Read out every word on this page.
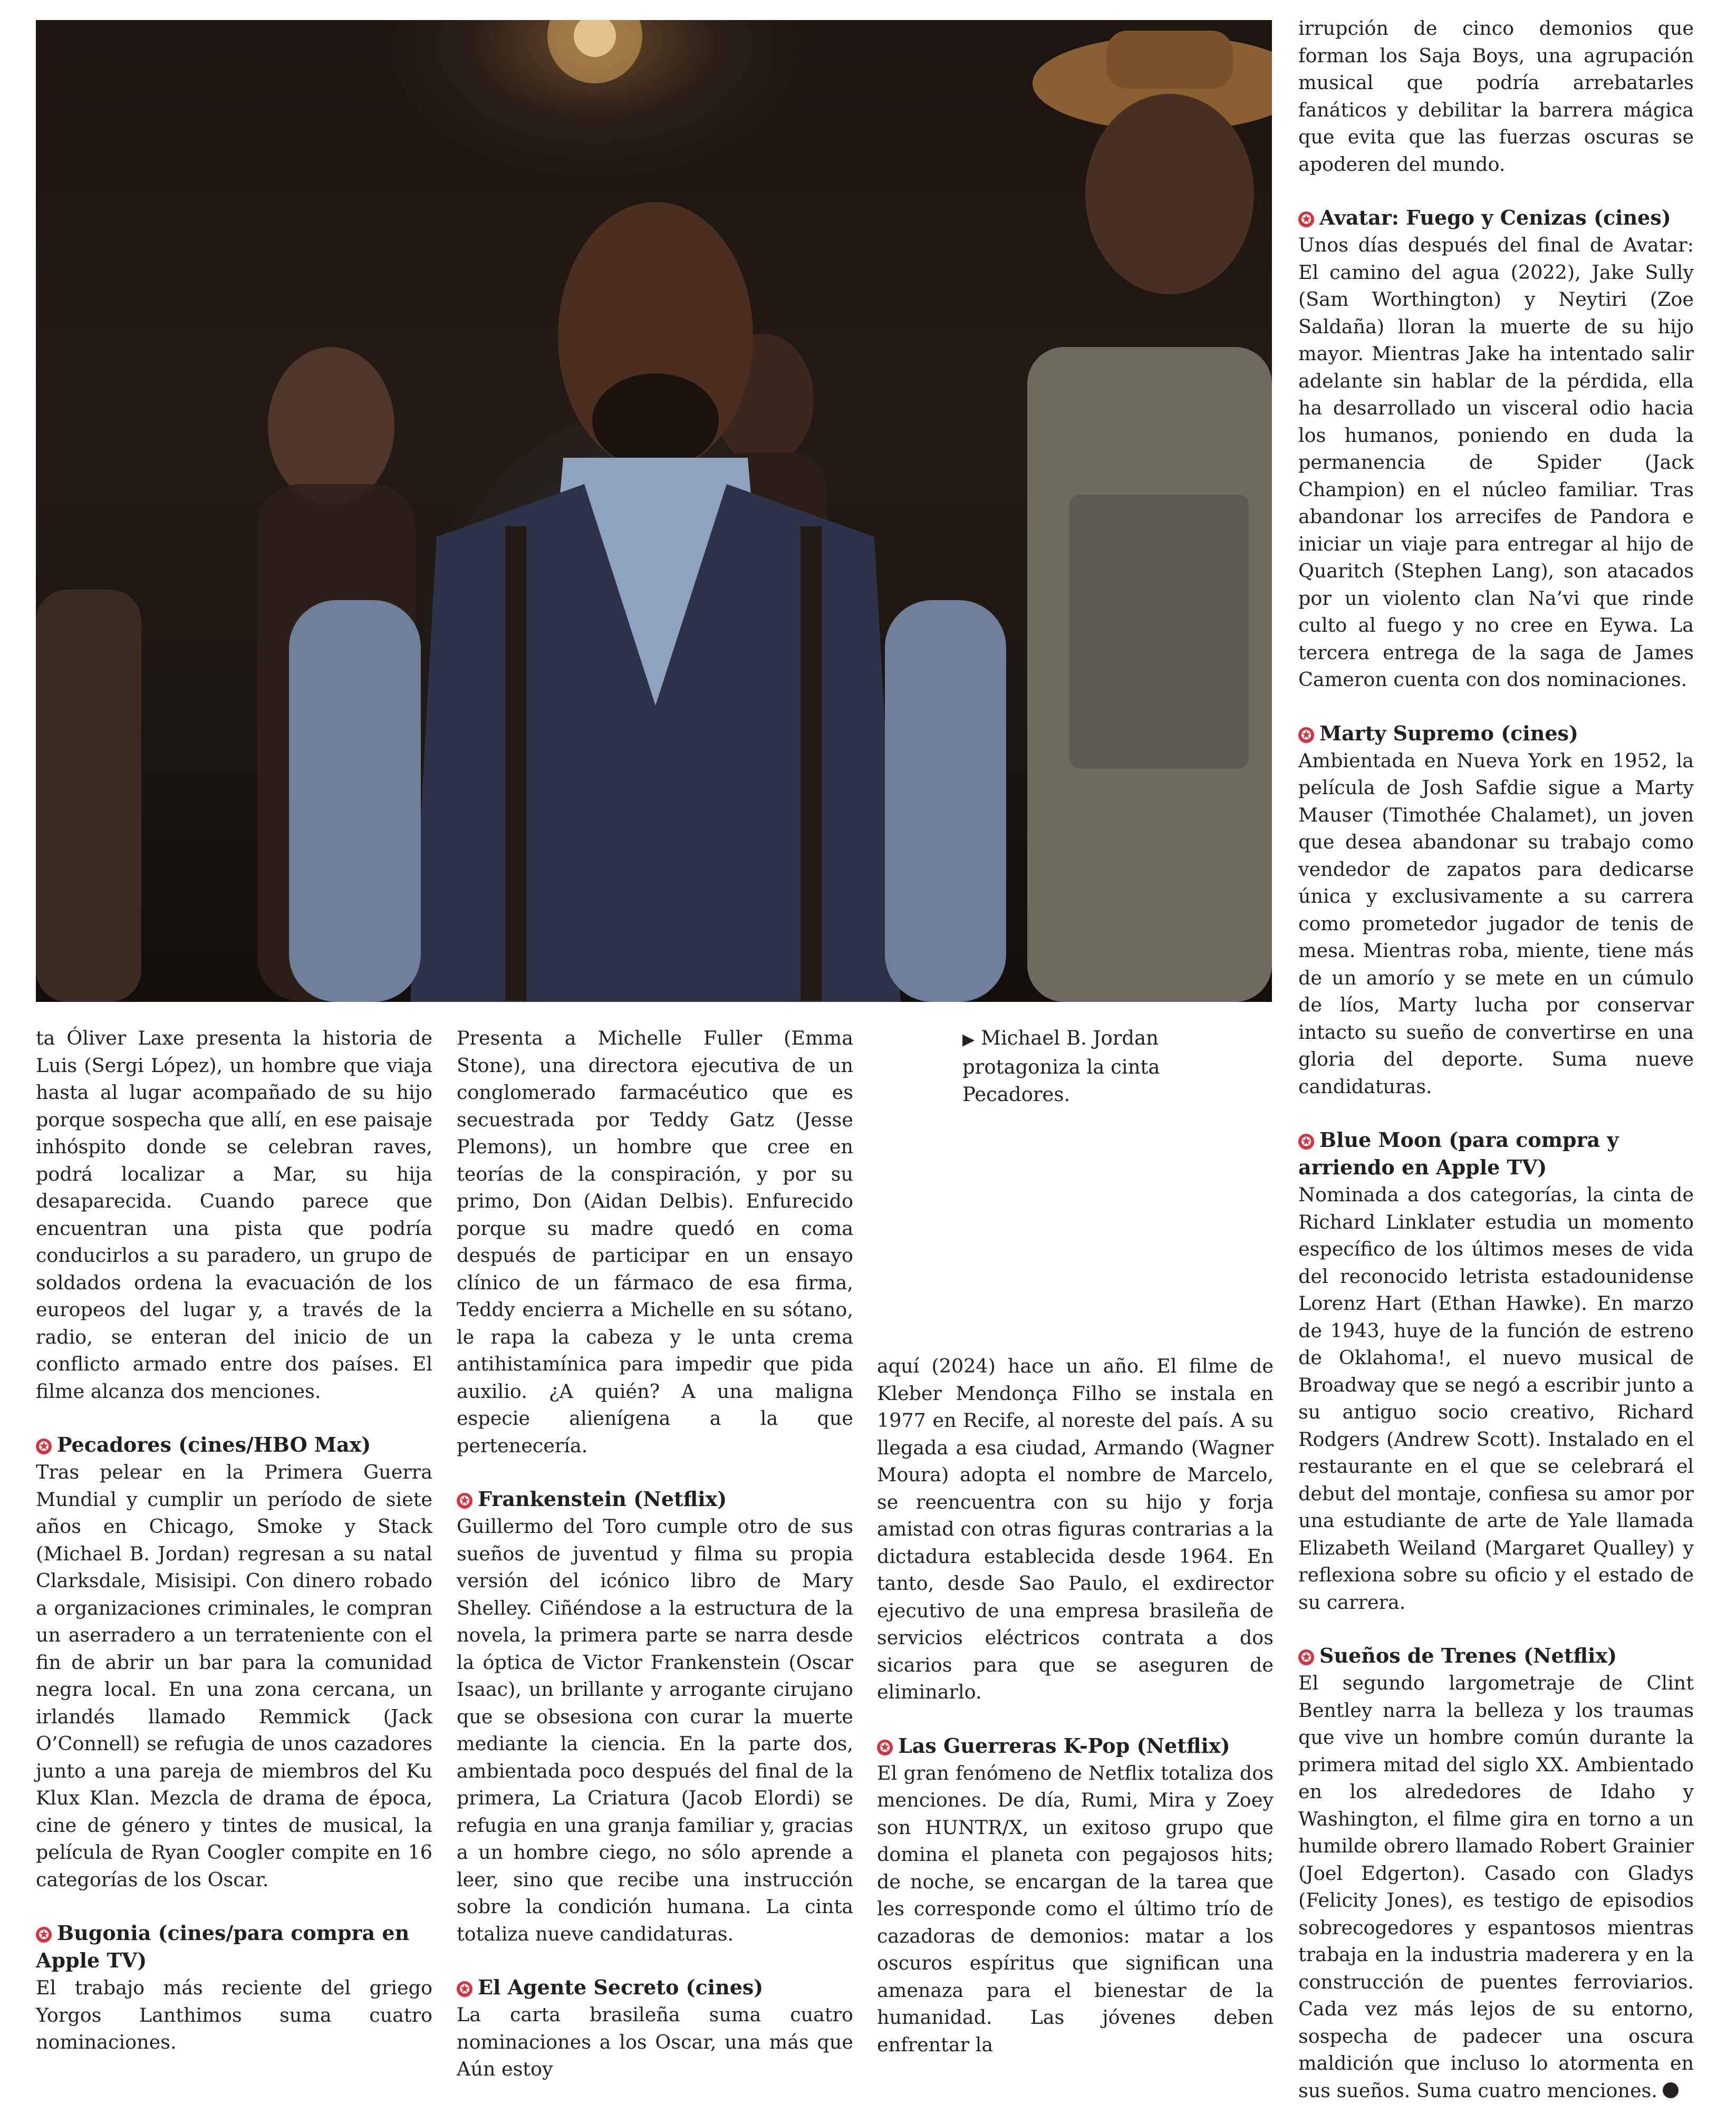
▶ Michael B. Jordan protagoniza la cinta Pecadores.

ta Óliver Laxe presenta la historia de Luis (Sergi López), un hombre que viaja hasta al lugar acompañado de su hijo porque sospecha que allí, en ese paisaje inhóspito donde se celebran raves, podrá localizar a Mar, su hija desaparecida. Cuando parece que encuentran una pista que podría conducirlos a su paradero, un grupo de soldados ordena la evacuación de los europeos del lugar y, a través de la radio, se enteran del inicio de un conflicto armado entre dos países. El filme alcanza dos menciones.

✪ Pecadores (cines/HBO Max)

Tras pelear en la Primera Guerra Mundial y cumplir un período de siete años en Chicago, Smoke y Stack (Michael B. Jordan) regresan a su natal Clarksdale, Misisipi. Con dinero robado a organizaciones criminales, le compran un aserradero a un terrateniente con el fin de abrir un bar para la comunidad negra local. En una zona cercana, un irlandés llamado Remmick (Jack O’Connell) se refugia de unos cazadores junto a una pareja de miembros del Ku Klux Klan. Mezcla de drama de época, cine de género y tintes de musical, la película de Ryan Coogler compite en 16 categorías de los Oscar.

✪ Bugonia (cines/para compra en Apple TV)

El trabajo más reciente del griego Yorgos Lanthimos suma cuatro nominaciones.

Presenta a Michelle Fuller (Emma Stone), una directora ejecutiva de un conglomerado farmacéutico que es secuestrada por Teddy Gatz (Jesse Plemons), un hombre que cree en teorías de la conspiración, y por su primo, Don (Aidan Delbis). Enfurecido porque su madre quedó en coma después de participar en un ensayo clínico de un fármaco de esa firma, Teddy encierra a Michelle en su sótano, le rapa la cabeza y le unta crema antihistamínica para impedir que pida auxilio. ¿A quién? A una maligna especie alienígena a la que pertenecería.

✪ Frankenstein (Netflix)

Guillermo del Toro cumple otro de sus sueños de juventud y filma su propia versión del icónico libro de Mary Shelley. Ciñéndose a la estructura de la novela, la primera parte se narra desde la óptica de Victor Frankenstein (Oscar Isaac), un brillante y arrogante cirujano que se obsesiona con curar la muerte mediante la ciencia. En la parte dos, ambientada poco después del final de la primera, La Criatura (Jacob Elordi) se refugia en una granja familiar y, gracias a un hombre ciego, no sólo aprende a leer, sino que recibe una instrucción sobre la condición humana. La cinta totaliza nueve candidaturas.

✪ El Agente Secreto (cines)

La carta brasileña suma cuatro nominaciones a los Oscar, una más que Aún estoy

aquí (2024) hace un año. El filme de Kleber Mendonça Filho se instala en 1977 en Recife, al noreste del país. A su llegada a esa ciudad, Armando (Wagner Moura) adopta el nombre de Marcelo, se reencuentra con su hijo y forja amistad con otras figuras contrarias a la dictadura establecida desde 1964. En tanto, desde Sao Paulo, el exdirector ejecutivo de una empresa brasileña de servicios eléctricos contrata a dos sicarios para que se aseguren de eliminarlo.

✪ Las Guerreras K-Pop (Netflix)

El gran fenómeno de Netflix totaliza dos menciones. De día, Rumi, Mira y Zoey son HUNTR/X, un exitoso grupo que domina el planeta con pegajosos hits; de noche, se encargan de la tarea que les corresponde como el último trío de cazadoras de demonios: matar a los oscuros espíritus que significan una amenaza para el bienestar de la humanidad. Las jóvenes deben enfrentar la

irrupción de cinco demonios que forman los Saja Boys, una agrupación musical que podría arrebatarles fanáticos y debilitar la barrera mágica que evita que las fuerzas oscuras se apoderen del mundo.

✪ Avatar: Fuego y Cenizas (cines)

Unos días después del final de Avatar: El camino del agua (2022), Jake Sully (Sam Worthington) y Neytiri (Zoe Saldaña) lloran la muerte de su hijo mayor. Mientras Jake ha intentado salir adelante sin hablar de la pérdida, ella ha desarrollado un visceral odio hacia los humanos, poniendo en duda la permanencia de Spider (Jack Champion) en el núcleo familiar. Tras abandonar los arrecifes de Pandora e iniciar un viaje para entregar al hijo de Quaritch (Stephen Lang), son atacados por un violento clan Na’vi que rinde culto al fuego y no cree en Eywa. La tercera entrega de la saga de James Cameron cuenta con dos nominaciones.

✪ Marty Supremo (cines)

Ambientada en Nueva York en 1952, la película de Josh Safdie sigue a Marty Mauser (Timothée Chalamet), un joven que desea abandonar su trabajo como vendedor de zapatos para dedicarse única y exclusivamente a su carrera como prometedor jugador de tenis de mesa. Mientras roba, miente, tiene más de un amorío y se mete en un cúmulo de líos, Marty lucha por conservar intacto su sueño de convertirse en una gloria del deporte. Suma nueve candidaturas.

✪ Blue Moon (para compra y arriendo en Apple TV)

Nominada a dos categorías, la cinta de Richard Linklater estudia un momento específico de los últimos meses de vida del reconocido letrista estadounidense Lorenz Hart (Ethan Hawke). En marzo de 1943, huye de la función de estreno de Oklahoma!, el nuevo musical de Broadway que se negó a escribir junto a su antiguo socio creativo, Richard Rodgers (Andrew Scott). Instalado en el restaurante en el que se celebrará el debut del montaje, confiesa su amor por una estudiante de arte de Yale llamada Elizabeth Weiland (Margaret Qualley) y reflexiona sobre su oficio y el estado de su carrera.

✪ Sueños de Trenes (Netflix)

El segundo largometraje de Clint Bentley narra la belleza y los traumas que vive un hombre común durante la primera mitad del siglo XX. Ambientado en los alrededores de Idaho y Washington, el filme gira en torno a un humilde obrero llamado Robert Grainier (Joel Edgerton). Casado con Gladys (Felicity Jones), es testigo de episodios sobrecogedores y espantosos mientras trabaja en la industria maderera y en la construcción de puentes ferroviarios. Cada vez más lejos de su entorno, sospecha de padecer una oscura maldición que incluso lo atormenta en sus sueños. Suma cuatro menciones.
